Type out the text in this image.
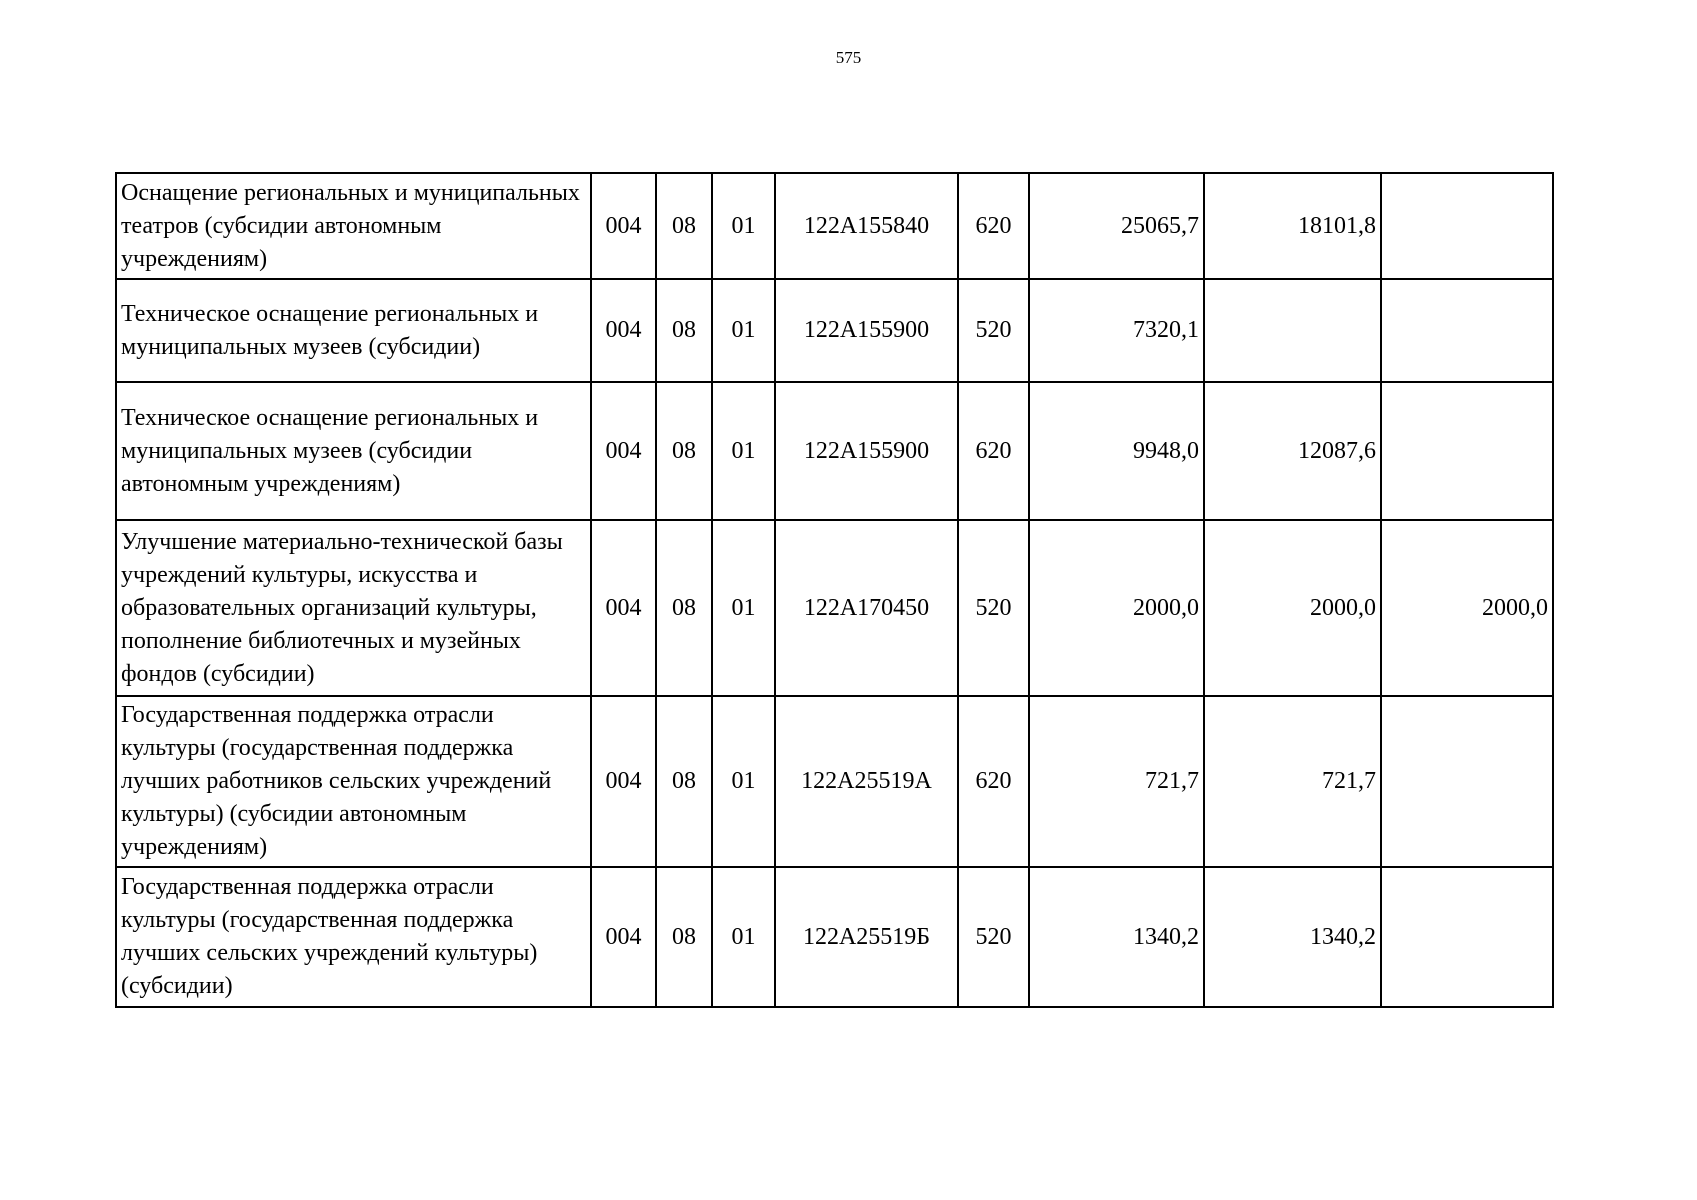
575
Оснащение региональных и муниципальных театров (субсидии автономным учреждениям)	004	08	01	122А155840	620	25065,7	18101,8	
Техническое оснащение региональных и муниципальных музеев (субсидии)	004	08	01	122А155900	520	7320,1		
Техническое оснащение региональных и муниципальных музеев (субсидии автономным учреждениям)	004	08	01	122А155900	620	9948,0	12087,6	
Улучшение материально-технической базы учреждений культуры, искусства и образовательных организаций культуры, пополнение библиотечных и музейных фондов (субсидии)	004	08	01	122А170450	520	2000,0	2000,0	2000,0
Государственная поддержка отрасли культуры (государственная поддержка лучших работников сельских учреждений культуры) (субсидии автономным учреждениям)	004	08	01	122А25519А	620	721,7	721,7	
Государственная поддержка отрасли культуры (государственная поддержка лучших сельских учреждений культуры) (субсидии)	004	08	01	122А25519Б	520	1340,2	1340,2	
